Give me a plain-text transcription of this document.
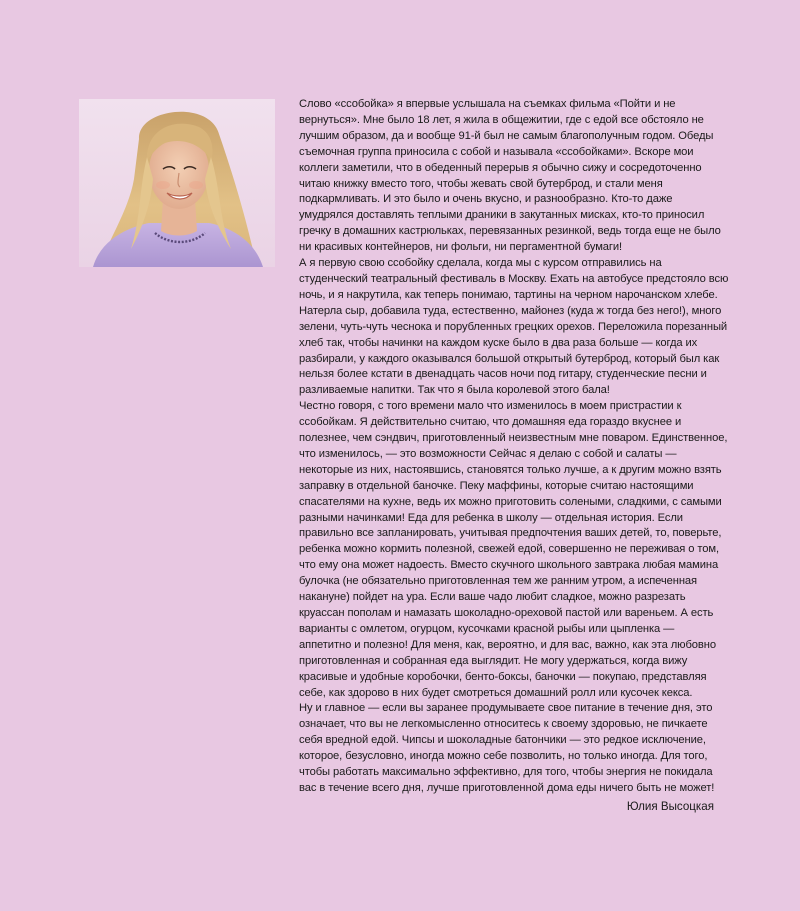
Слово «ссобойка» я впервые услышала на съемках фильма «Пойти и не вернуться». Мне было 18 лет, я жила в общежитии, где с едой все обстояло не лучшим образом, да и вообще 91-й был не самым благополучным годом. Обеды съемочная группа приносила с собой и называла «ссобойками». Вскоре мои коллеги заметили, что в обеденный перерыв я обычно сижу и сосредоточенно читаю книжку вместо того, чтобы жевать свой бутерброд, и стали меня подкармливать. И это было и очень вкусно, и разнообразно. Кто-то даже умудрялся доставлять теплыми драники в закутанных мисках, кто-то приносил гречку в домашних кастрюльках, перевязанных резинкой, ведь тогда еще не было ни красивых контейнеров, ни фольги, ни пергаментной бумаги!

А я первую свою ссобойку сделала, когда мы с курсом отправились на студенческий театральный фестиваль в Москву. Ехать на автобусе предстояло всю ночь, и я накрутила, как теперь понимаю, тартины на черном нарочанском хлебе. Натерла сыр, добавила туда, естественно, майонез (куда ж тогда без него!), много зелени, чуть-чуть чеснока и порубленных грецких орехов. Переложила порезанный хлеб так, чтобы начинки на каждом куске было в два раза больше — когда их разбирали, у каждого оказывался большой открытый бутерброд, который был как нельзя более кстати в двенадцать часов ночи под гитару, студенческие песни и разливаемые напитки. Так что я была королевой этого бала!

Честно говоря, с того времени мало что изменилось в моем пристрастии к ссобойкам. Я действительно считаю, что домашняя еда гораздо вкуснее и полезнее, чем сэндвич, приготовленный неизвестным мне поваром. Единственное, что изменилось, — это возможности Сейчас я делаю с собой и салаты — некоторые из них, настоявшись, становятся только лучше, а к другим можно взять заправку в отдельной баночке. Пеку маффины, которые считаю настоящими спасателями на кухне, ведь их можно приготовить солеными, сладкими, с самыми разными начинками! Еда для ребенка в школу — отдельная история. Если правильно все запланировать, учитывая предпочтения ваших детей, то, поверьте, ребенка можно кормить полезной, свежей едой, совершенно не переживая о том, что ему она может надоесть. Вместо скучного школьного завтрака любая мамина булочка (не обязательно приготовленная тем же ранним утром, а испеченная накануне) пойдет на ура. Если ваше чадо любит сладкое, можно разрезать круассан пополам и намазать шоколадно-ореховой пастой или вареньем. А есть варианты с омлетом, огурцом, кусочками красной рыбы или цыпленка — аппетитно и полезно! Для меня, как, вероятно, и для вас, важно, как эта любовно приготовленная и собранная еда выглядит. Не могу удержаться, когда вижу красивые и удобные коробочки, бенто-боксы, баночки — покупаю, представляя себе, как здорово в них будет смотреться домашний ролл или кусочек кекса.

Ну и главное — если вы заранее продумываете свое питание в течение дня, это означает, что вы не легкомысленно относитесь к своему здоровью, не пичкаете себя вредной едой. Чипсы и шоколадные батончики — это редкое исключение, которое, безусловно, иногда можно себе позволить, но только иногда. Для того, чтобы работать максимально эффективно, для того, чтобы энергия не покидала вас в течение всего дня, лучше приготовленной дома еды ничего быть не может!

Юлия Высоцкая
